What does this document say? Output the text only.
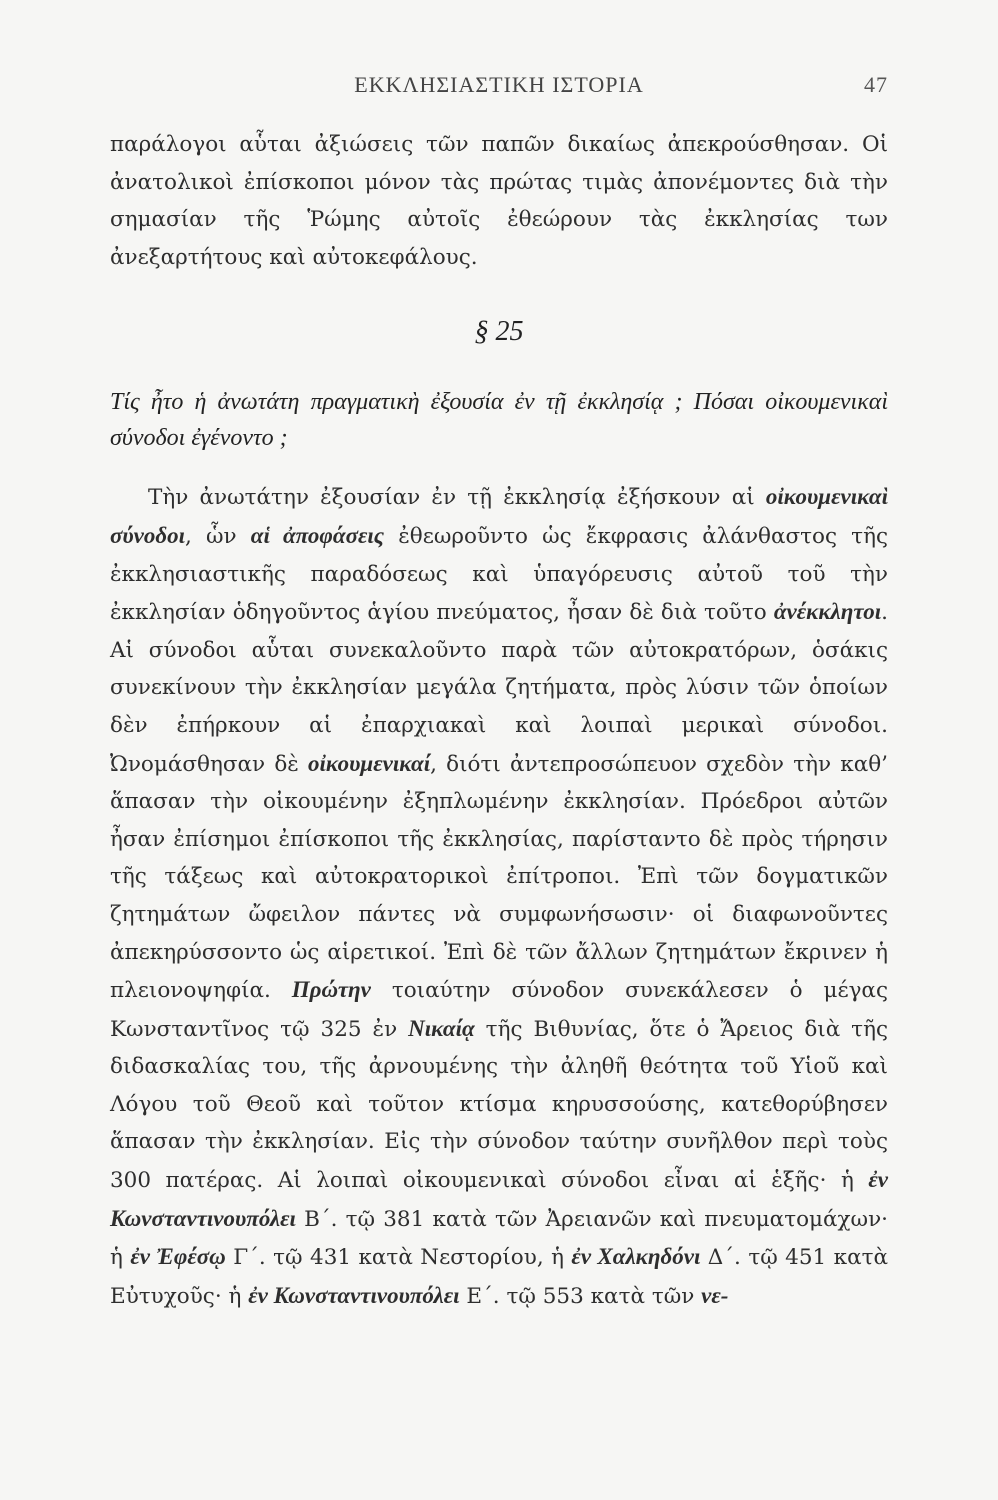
ΕΚΚΛΗΣΙΑΣΤΙΚΗ ΙΣΤΟΡΙΑ	47

παράλογοι αὗται ἀξιώσεις τῶν παπῶν δικαίως ἀπεκρούσθησαν. Οἱ ἀνατολικοὶ ἐπίσκοποι μόνον τὰς πρώτας τιμὰς ἀπονέμοντες διὰ τὴν σημασίαν τῆς Ῥώμης αὐτοῖς ἐθεώρουν τὰς ἐκκλησίας των ἀνεξαρτήτους καὶ αὐτοκεφάλους.

§ 25

Τίς ἦτο ἡ ἀνωτάτη πραγματικὴ ἐξουσία ἐν τῇ ἐκκλησίᾳ ; Πόσαι οἰκουμενικαὶ σύνοδοι ἐγένοντο ;

Τὴν ἀνωτάτην ἐξουσίαν ἐν τῇ ἐκκλησίᾳ ἐξήσκουν αἱ οἰκουμενικαὶ σύνοδοι, ὧν αἱ ἀποφάσεις ἐθεωροῦντο ὡς ἔκφρασις ἀλάνθαστος τῆς ἐκκλησιαστικῆς παραδόσεως καὶ ὑπαγόρευσις αὐτοῦ τοῦ τὴν ἐκκλησίαν ὁδηγοῦντος ἁγίου πνεύματος, ἦσαν δὲ διὰ τοῦτο ἀνέκκλητοι. Αἱ σύνοδοι αὗται συνεκαλοῦντο παρὰ τῶν αὐτοκρατόρων, ὁσάκις συνεκίνουν τὴν ἐκκλησίαν μεγάλα ζητήματα, πρὸς λύσιν τῶν ὁποίων δὲν ἐπήρκουν αἱ ἐπαρχιακαὶ καὶ λοιπαὶ μερικαὶ σύνοδοι. Ὠνομάσθησαν δὲ οἰκουμενικαί, διότι ἀντεπροσώπευον σχεδὸν τὴν καθ’ ἅπασαν τὴν οἰκουμένην ἐξηπλωμένην ἐκκλησίαν. Πρόεδροι αὐτῶν ἦσαν ἐπίσημοι ἐπίσκοποι τῆς ἐκκλησίας, παρίσταντο δὲ πρὸς τήρησιν τῆς τάξεως καὶ αὐτοκρατορικοὶ ἐπίτροποι. Ἐπὶ τῶν δογματικῶν ζητημάτων ὤφειλον πάντες νὰ συμφωνήσωσιν· οἱ διαφωνοῦντες ἀπεκηρύσσοντο ὡς αἱρετικοί. Ἐπὶ δὲ τῶν ἄλλων ζητημάτων ἔκρινεν ἡ πλειονοψηφία. Πρώτην τοιαύτην σύνοδον συνεκάλεσεν ὁ μέγας Κωνσταντῖνος τῷ 325 ἐν Νικαίᾳ τῆς Βιθυνίας, ὅτε ὁ Ἄρειος διὰ τῆς διδασκαλίας του, τῆς ἀρνουμένης τὴν ἀληθῆ θεότητα τοῦ Υἱοῦ καὶ Λόγου τοῦ Θεοῦ καὶ τοῦτον κτίσμα κηρυσσούσης, κατεθορύβησεν ἅπασαν τὴν ἐκκλησίαν. Εἰς τὴν σύνοδον ταύτην συνῆλθον περὶ τοὺς 300 πατέρας. Αἱ λοιπαὶ οἰκουμενικαὶ σύνοδοι εἶναι αἱ ἑξῆς· ἡ ἐν Κωνσταντινουπόλει Β΄. τῷ 381 κατὰ τῶν Ἀρειανῶν καὶ πνευματομάχων· ἡ ἐν Ἐφέσῳ Γ΄. τῷ 431 κατὰ Νεστορίου, ἡ ἐν Χαλκηδόνι Δ΄. τῷ 451 κατὰ Εὐτυχοῦς· ἡ ἐν Κωνσταντινουπόλει Ε΄. τῷ 553 κατὰ τῶν νε-
